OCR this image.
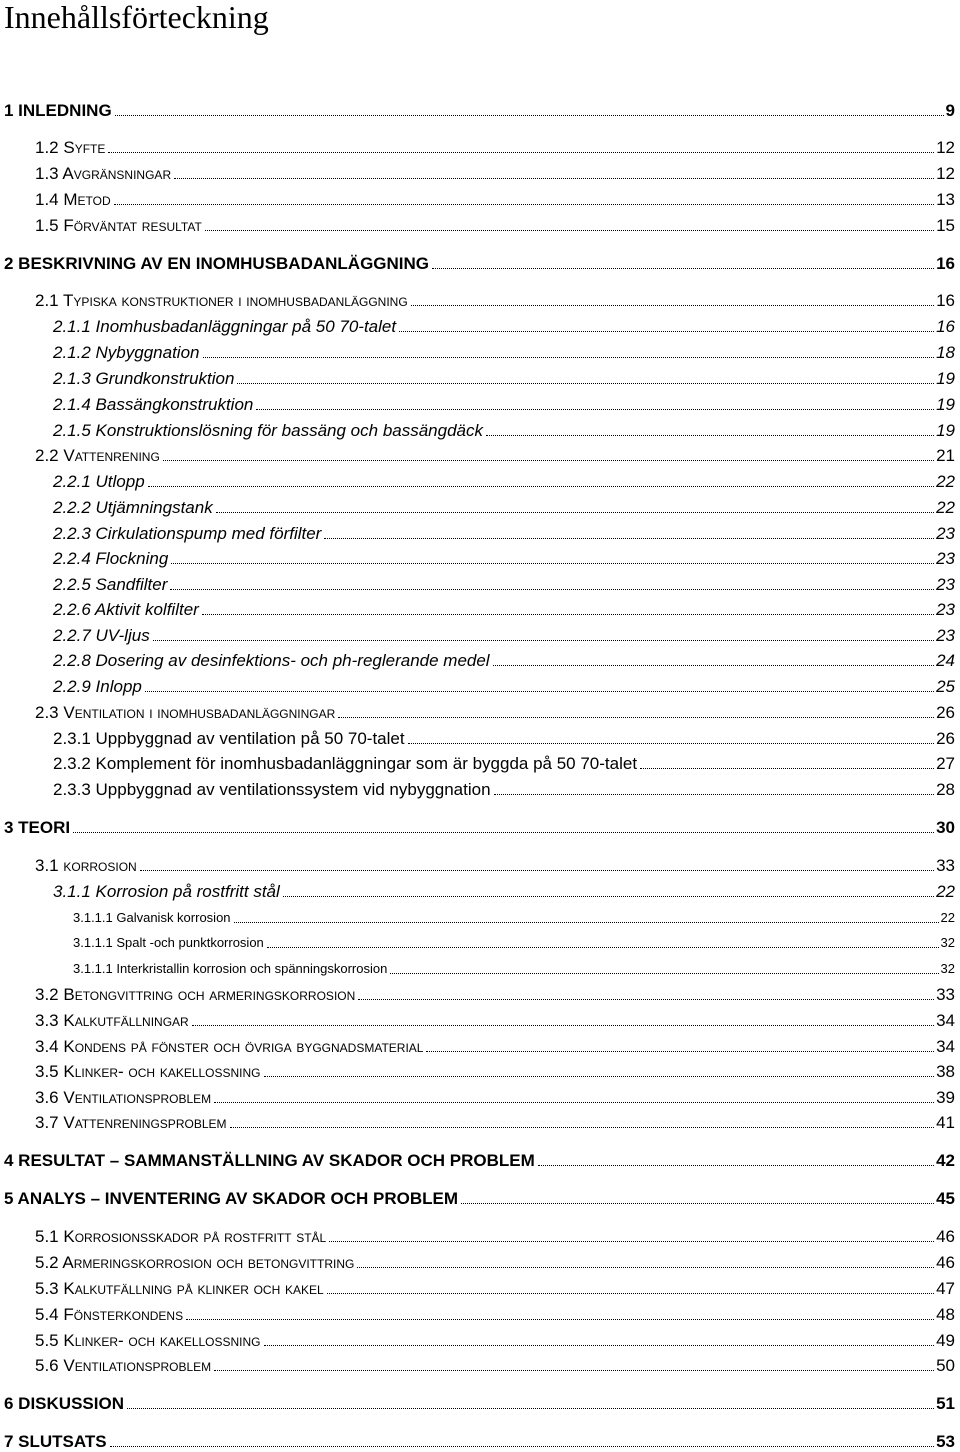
Innehållsförteckning
1 INLEDNING	9
1.2 Syfte	12
1.3 Avgränsningar	12
1.4 Metod	13
1.5 Förväntat resultat	15
2 BESKRIVNING AV EN INOMHUSBADANLÄGGNING	16
2.1 Typiska konstruktioner i inomhusbadanläggning	16
2.1.1 Inomhusbadanläggningar på 50 70-talet	16
2.1.2 Nybyggnation	18
2.1.3 Grundkonstruktion	19
2.1.4 Bassängkonstruktion	19
2.1.5 Konstruktionslösning för bassäng och bassängdäck	19
2.2 Vattenrening	21
2.2.1 Utlopp	22
2.2.2 Utjämningstank	22
2.2.3 Cirkulationspump med förfilter	23
2.2.4 Flockning	23
2.2.5 Sandfilter	23
2.2.6 Aktivit kolfilter	23
2.2.7 UV-ljus	23
2.2.8 Dosering av desinfektions- och ph-reglerande medel	24
2.2.9 Inlopp	25
2.3 Ventilation i inomhusbadanläggningar	26
2.3.1 Uppbyggnad av ventilation på 50 70-talet	26
2.3.2 Komplement för inomhusbadanläggningar som är byggda på 50 70-talet	27
2.3.3 Uppbyggnad av ventilationssystem vid nybyggnation	28
3 TEORI	30
3.1 korrosion	33
3.1.1 Korrosion på rostfritt stål	22
3.1.1.1 Galvanisk korrosion	22
3.1.1.1 Spalt -och punktkorrosion	32
3.1.1.1 Interkristallin korrosion och spänningskorrosion	32
3.2 Betongvittring och armeringskorrosion	33
3.3 Kalkutfällningar	34
3.4 Kondens på fönster och övriga byggnadsmaterial	34
3.5 Klinker- och kakellossning	38
3.6 Ventilationsproblem	39
3.7 Vattenreningsproblem	41
4 RESULTAT – SAMMANSTÄLLNING AV SKADOR OCH PROBLEM	42
5 ANALYS – INVENTERING AV SKADOR OCH PROBLEM	45
5.1 Korrosionsskador på rostfritt stål	46
5.2 Armeringskorrosion och betongvittring	46
5.3 Kalkutfällning på klinker och kakel	47
5.4 Fönsterkondens	48
5.5 Klinker- och kakellossning	49
5.6 Ventilationsproblem	50
6 DISKUSSION	51
7 SLUTSATS	53
